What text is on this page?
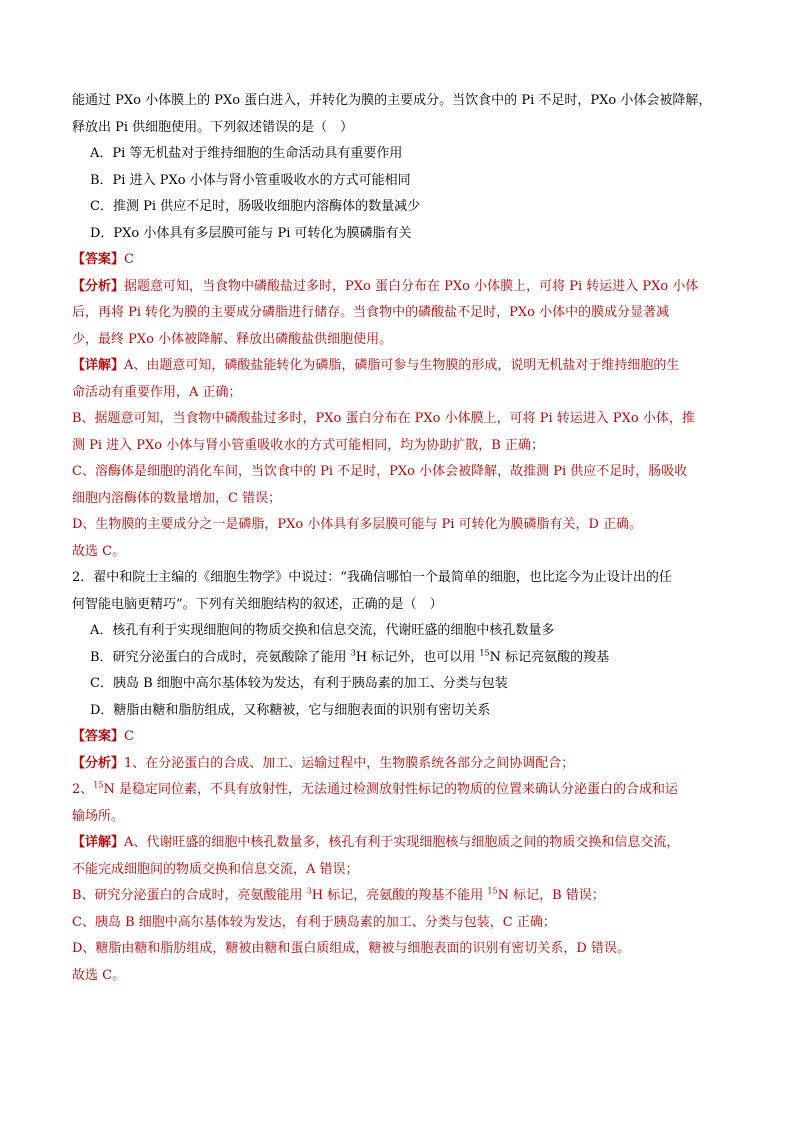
能通过 PXo 小体膜上的 PXo 蛋白进入，并转化为膜的主要成分。当饮食中的 Pi 不足时，PXo 小体会被降解，
释放出 Pi 供细胞使用。下列叙述错误的是（　）
A．Pi 等无机盐对于维持细胞的生命活动具有重要作用
B．Pi 进入 PXo 小体与肾小管重吸收水的方式可能相同
C．推测 Pi 供应不足时，肠吸收细胞内溶酶体的数量减少
D．PXo 小体具有多层膜可能与 Pi 可转化为膜磷脂有关
【答案】C
【分析】据题意可知，当食物中磷酸盐过多时，PXo 蛋白分布在 PXo 小体膜上，可将 Pi 转运进入 PXo 小体
后，再将 Pi 转化为膜的主要成分磷脂进行储存。当食物中的磷酸盐不足时，PXo 小体中的膜成分显著减
少，最终 PXo 小体被降解、释放出磷酸盐供细胞使用。
【详解】A、由题意可知，磷酸盐能转化为磷脂，磷脂可参与生物膜的形成，说明无机盐对于维持细胞的生
命活动有重要作用，A 正确；
B、据题意可知，当食物中磷酸盐过多时，PXo 蛋白分布在 PXo 小体膜上，可将 Pi 转运进入 PXo 小体，推
测 Pi 进入 PXo 小体与肾小管重吸收水的方式可能相同，均为协助扩散，B 正确；
C、溶酶体是细胞的消化车间，当饮食中的 Pi 不足时，PXo 小体会被降解，故推测 Pi 供应不足时，肠吸收
细胞内溶酶体的数量增加，C 错误；
D、生物膜的主要成分之一是磷脂，PXo 小体具有多层膜可能与 Pi 可转化为膜磷脂有关，D 正确。
故选 C。
2．翟中和院士主编的《细胞生物学》中说过：“我确信哪怕一个最简单的细胞，也比迄今为止设计出的任
何智能电脑更精巧”。下列有关细胞结构的叙述，正确的是（　）
A．核孔有利于实现细胞间的物质交换和信息交流，代谢旺盛的细胞中核孔数量多
B．研究分泌蛋白的合成时，亮氨酸除了能用 $^3$H 标记外，也可以用 $^{15}$N 标记亮氨酸的羧基
C．胰岛 B 细胞中高尔基体较为发达，有利于胰岛素的加工、分类与包装
D．糖脂由糖和脂肪组成，又称糖被，它与细胞表面的识别有密切关系
【答案】C
【分析】1、在分泌蛋白的合成、加工、运输过程中，生物膜系统各部分之间协调配合；
2、$^{15}$N 是稳定同位素，不具有放射性，无法通过检测放射性标记的物质的位置来确认分泌蛋白的合成和运
输场所。
【详解】A、代谢旺盛的细胞中核孔数量多，核孔有利于实现细胞核与细胞质之间的物质交换和信息交流，
不能完成细胞间的物质交换和信息交流，A 错误；
B、研究分泌蛋白的合成时，亮氨酸能用 $^3$H 标记，亮氨酸的羧基不能用 $^{15}$N 标记，B 错误；
C、胰岛 B 细胞中高尔基体较为发达，有利于胰岛素的加工、分类与包装，C 正确；
D、糖脂由糖和脂肪组成，糖被由糖和蛋白质组成，糖被与细胞表面的识别有密切关系，D 错误。
故选 C。
